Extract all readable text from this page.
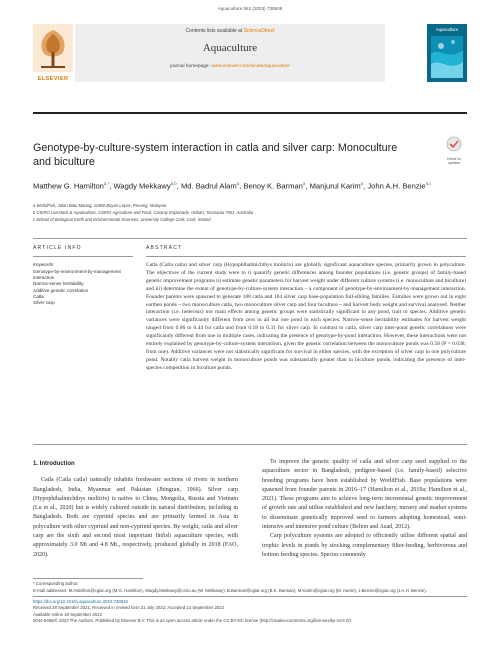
Aquaculture 562 (2023) 738846
ELSEVIER
Contents lists available at ScienceDirect
Aquaculture
journal homepage: www.elsevier.com/locate/aquaculture
Aquaculture
Genotype-by-culture-system interaction in catla and silver carp: Monoculture and biculture	Check for updates
Matthew G. Hamilton$^{a,*}$, Wagdy Mekkawy$^{a,b}$, Md. Badrul Alam$^a$, Benoy K. Barman$^a$, Manjurul Karim$^a$, John A.H. Benzie$^{a,c}$
a WorldFish, Jalan Batu Maung, 11960 Bayan Lepas, Penang, Malaysia
b CSIRO Livestock & Aquaculture, CSIRO Agriculture and Food, Castray Esplanade, Hobart, Tasmania 7001, Australia
c School of Biological Earth and Environmental Sciences, University College Cork, Cork, Ireland
ARTICLE INFO	ABSTRACT
Keywords:
Genotype-by-environment-by-management interaction
Narrow-sense heritability
Additive genetic correlation
Catla
Silver carp
Catla (Catla catla) and silver carp (Hypophthalmichthys molitrix) are globally significant aquaculture species, primarily grown in polyculture. The objectives of the current study were to i) quantify genetic differences among founder populations (i.e. genetic groups) of family-based genetic improvement programs ii) estimate genetic parameters for harvest weight under different culture systems (i.e. monoculture and biculture) and iii) determine the extent of genotype-by-culture-system interaction – a component of genotype-by-environment-by-management interaction. Founder parents were spawned to generate 188 catla and 184 silver carp base-population full-sibling families. Families were grown out in eight earthen ponds – two monoculture catla, two monoculture silver carp and four biculture – and harvest body weight and survival analysed. Neither interaction (i.e. heterosis) nor main effects among genetic groups were statistically significant in any pond, trait or species. Additive genetic variances were significantly different from zero in all but one pond in each species. Narrow-sense heritability estimates for harvest weight ranged from 0.06 to 0.44 for catla and from 0.18 to 0.31 for silver carp. In contrast to catla, silver carp inter-pond genetic correlations were significantly different from one in multiple cases, indicating the presence of genotype-by-pond interaction. However, these interactions were not entirely explained by genotype-by-culture-system interaction, given the genetic correlation between the monoculture ponds was 0.58 (P = 0.038; from one). Additive variances were not statistically significant for survival in either species, with the exception of silver carp in one polyculture pond. Notably catla harvest weight in monoculture ponds was substantially greater than in biculture ponds, indicating the presence of inter-species competition in biculture ponds.
1. Introduction

Catla (Catla catla) naturally inhabits freshwater sections of rivers in northern Bangladesh, India, Myanmar and Pakistan (Jhingran, 1966). Silver carp (Hypophthalmichthys molitrix) is native to China, Mongolia, Russia and Vietnam (Lu et al., 2020) but is widely cultured outside its natural distribution, including in Bangladesh. Both are cyprinid species and are primarily farmed in Asia in polyculture with other cyprinid and non-cyprinid species. By weight, catla and silver carp are the sixth and second most important finfish aquaculture species, with approximately 3.0 Mt and 4.8 Mt., respectively, produced globally in 2018 (FAO, 2020).

To improve the genetic quality of catla and silver carp seed supplied to the aquaculture sector in Bangladesh, pedigree-based (i.e. family-based) selective breeding programs have been established by WorldFish. Base populations were spawned from founder parents in 2016–17 (Hamilton et al., 2019a; Hamilton et al., 2021). These programs aim to achieve long-term incremental genetic improvement of growth rate and utilise established and new hatchery, nursery and market systems to disseminate genetically improved seed to farmers adopting homestead, semi-intensive and intensive pond culture (Belton and Azad, 2012).

Carp polyculture systems are adopted to efficiently utilise different spatial and trophic levels in ponds by stocking complementary filter-feeding, herbivorous and bottom feeding species. Species commonly

* Corresponding author.
E-mail addresses: M.Hamilton@cgiar.org (M.G. Hamilton), Wagdy.Mekkawy@csiro.au (W. Mekkawy), B.Barman@cgiar.org (B.K. Barman), M.Karim@cgiar.org (M. Karim), J.Benzie@cgiar.org (J.A.H. Benzie).
https://doi.org/10.1016/j.aquaculture.2022.738846
Received 28 September 2021; Received in revised form 31 July 2022; Accepted 14 September 2022
Available online 19 September 2022
0044-8486/© 2022 The Authors. Published by Elsevier B.V. This is an open access article under the CC BY-NC license (http://creativecommons.org/licenses/by-nc/4.0/).
